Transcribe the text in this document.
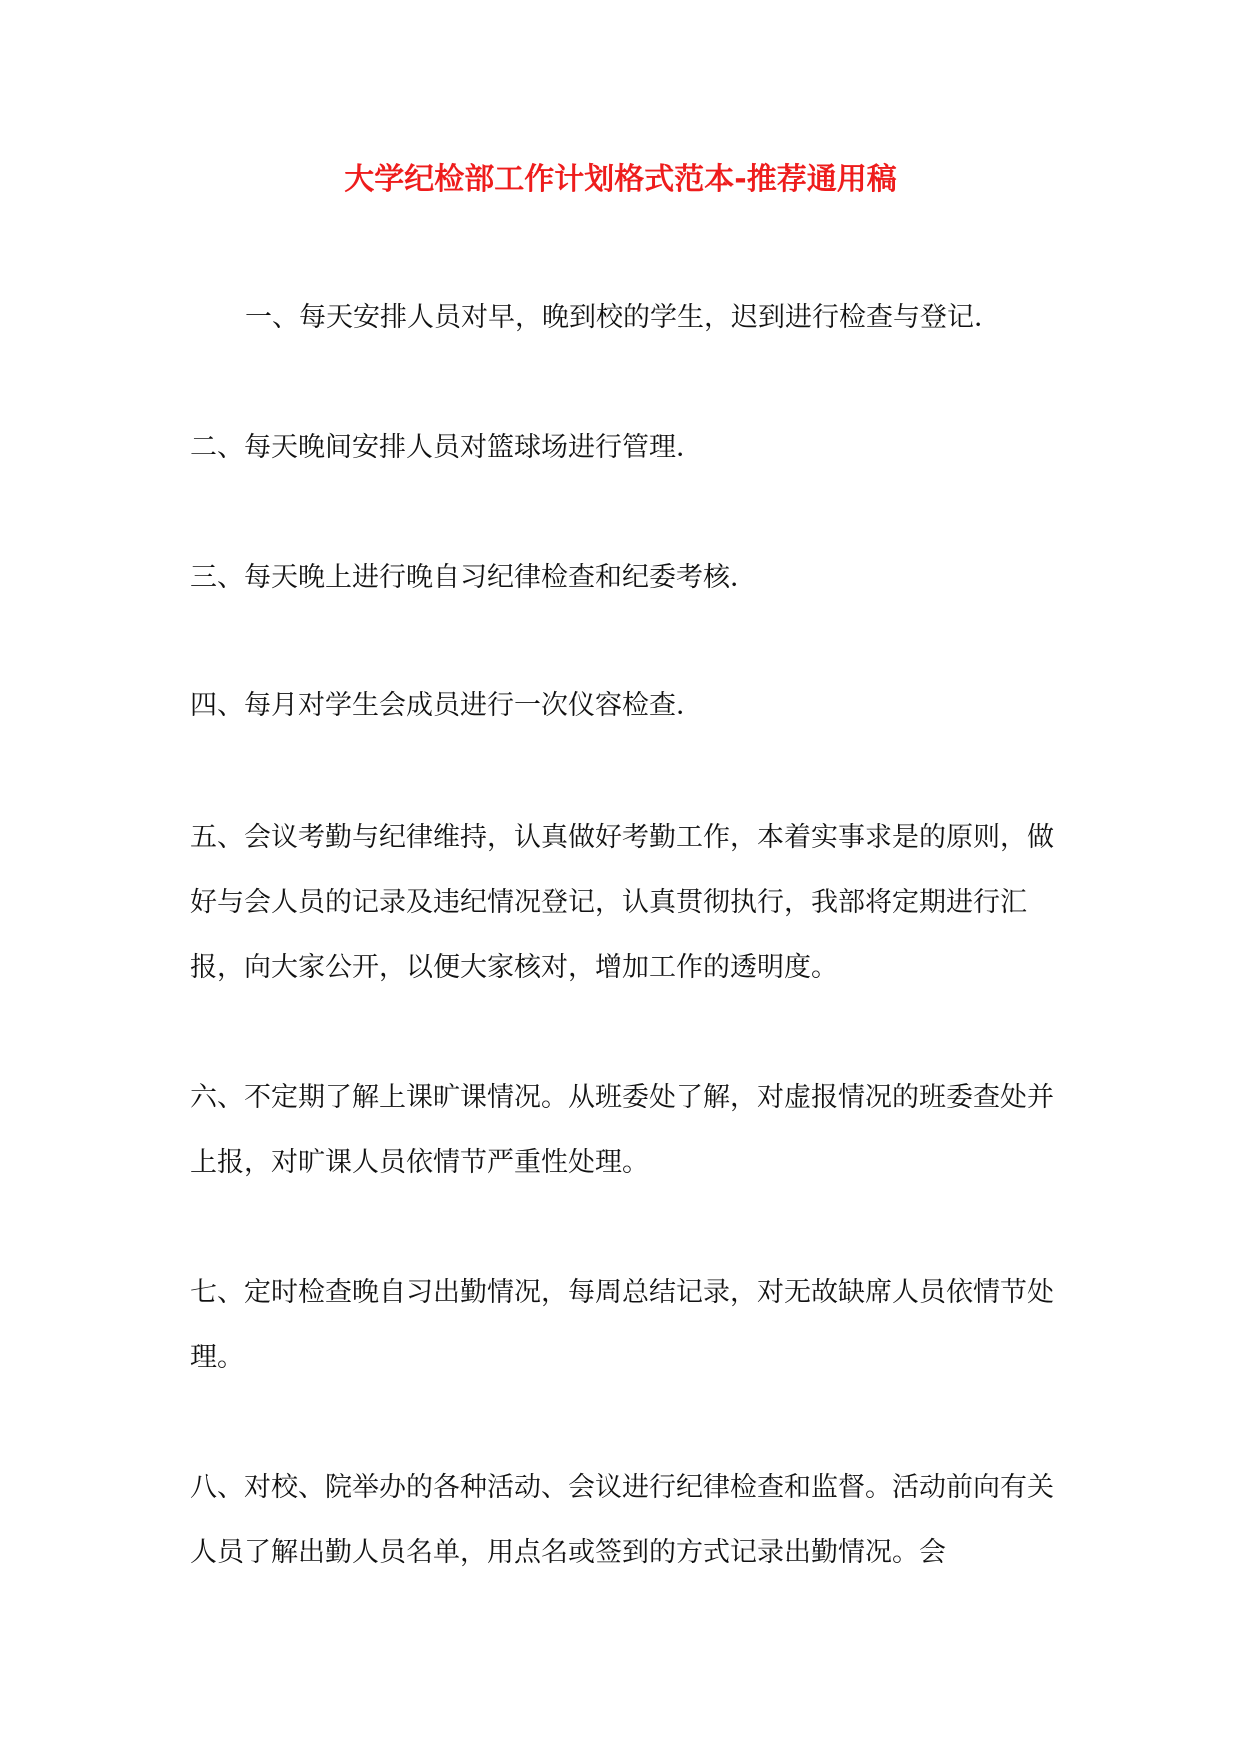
大学纪检部工作计划格式范本-推荐通用稿
一、每天安排人员对早，晚到校的学生，迟到进行检查与登记．
二、每天晚间安排人员对篮球场进行管理．
三、每天晚上进行晚自习纪律检查和纪委考核．
四、每月对学生会成员进行一次仪容检查．
五、会议考勤与纪律维持，认真做好考勤工作，本着实事求是的原则，做好与会人员的记录及违纪情况登记，认真贯彻执行，我部将定期进行汇报，向大家公开，以便大家核对，增加工作的透明度。
六、不定期了解上课旷课情况。从班委处了解，对虚报情况的班委查处并上报，对旷课人员依情节严重性处理。
七、定时检查晚自习出勤情况，每周总结记录，对无故缺席人员依情节处理。
八、对校、院举办的各种活动、会议进行纪律检查和监督。活动前向有关人员了解出勤人员名单，用点名或签到的方式记录出勤情况。会
